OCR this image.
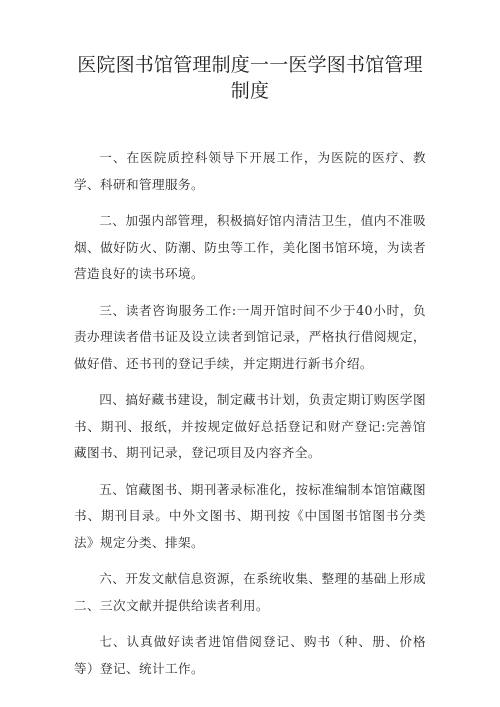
医院图书馆管理制度一一医学图书馆管理制度

一、在医院质控科领导下开展工作，为医院的医疗、教学、科研和管理服务。

二、加强内部管理，积极搞好馆内清洁卫生，值内不准吸烟、做好防火、防潮、防虫等工作，美化图书馆环境，为读者营造良好的读书环境。

三、读者咨询服务工作:一周开馆时间不少于40小时，负责办理读者借书证及设立读者到馆记录，严格执行借阅规定，做好借、还书刊的登记手续，并定期进行新书介绍。

四、搞好藏书建设，制定藏书计划，负责定期订购医学图书、期刊、报纸，并按规定做好总括登记和财产登记:完善馆藏图书、期刊记录，登记项目及内容齐全。

五、馆藏图书、期刊著录标准化，按标准编制本馆馆藏图书、期刊目录。中外文图书、期刊按《中国图书馆图书分类法》规定分类、排架。

六、开发文献信息资源，在系统收集、整理的基础上形成二、三次文献并提供给读者利用。

七、认真做好读者进馆借阅登记、购书（种、册、价格等）登记、统计工作。
